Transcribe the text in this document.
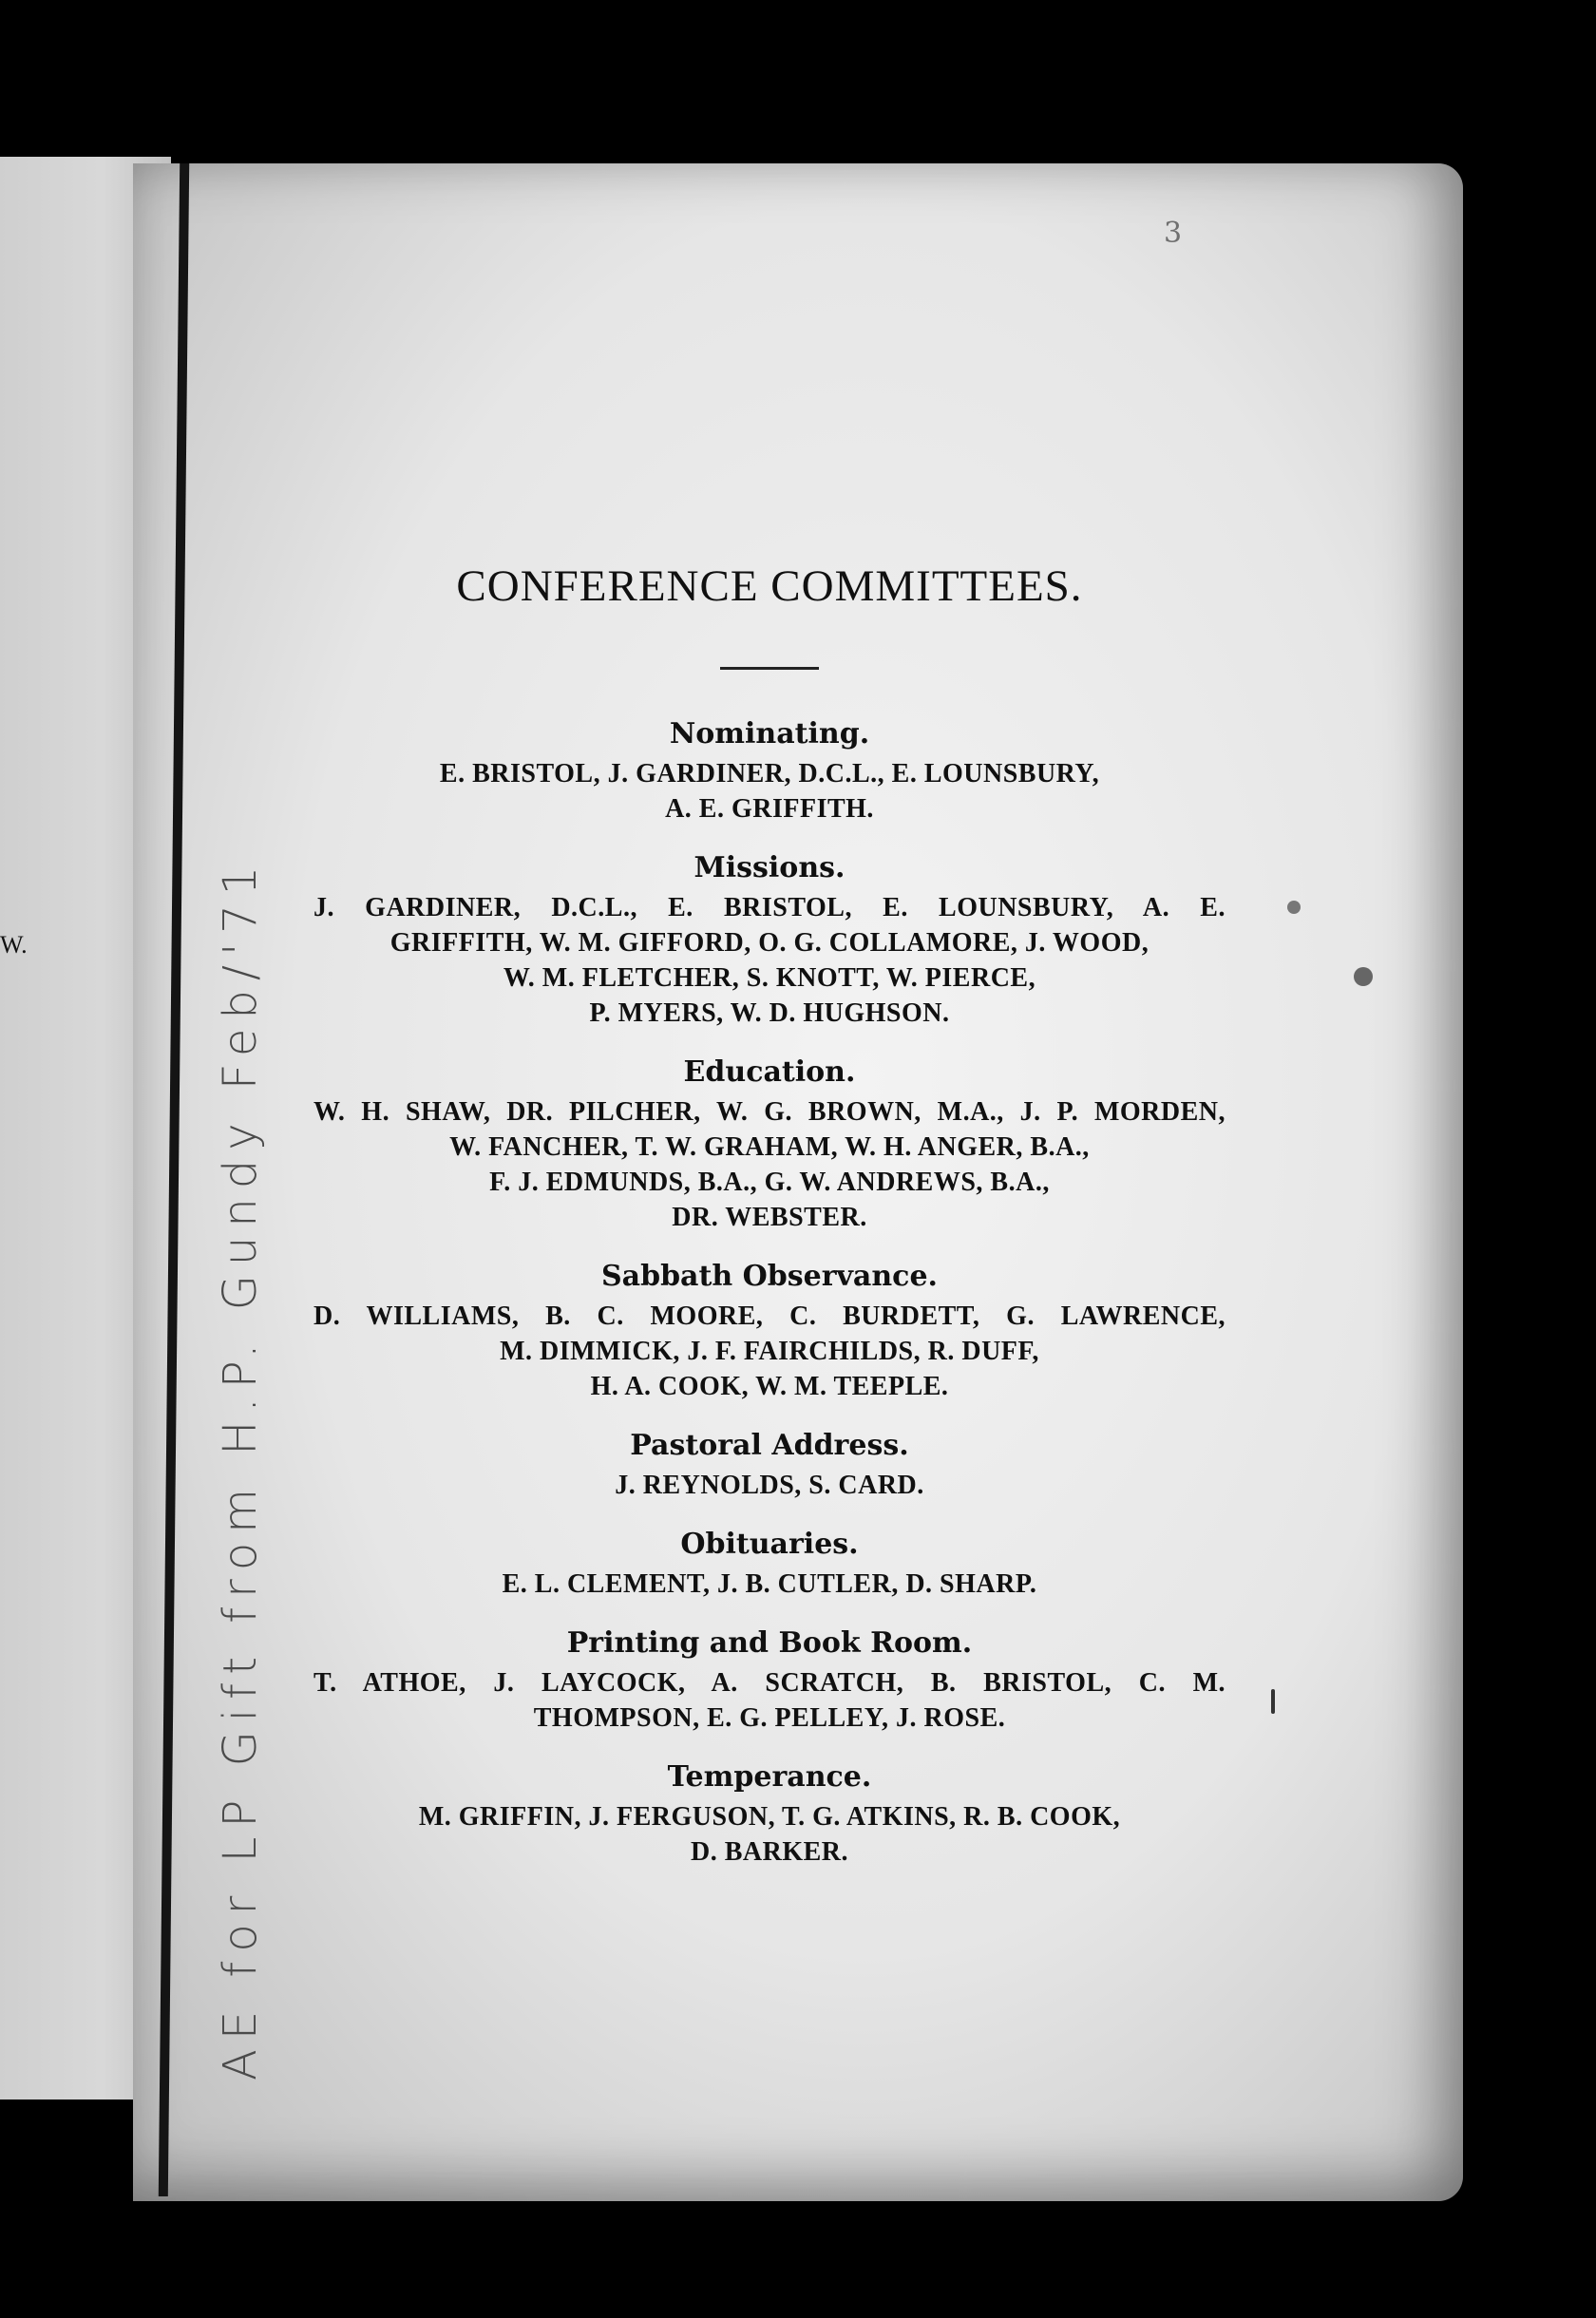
W.	AE for LP Gift from H.P. Gundy Feb/'71
3
CONFERENCE COMMITTEES.
Nominating.
E. BRISTOL, J. GARDINER, D.C.L., E. LOUNSBURY,
A. E. GRIFFITH.
Missions.
J. GARDINER, D.C.L., E. BRISTOL, E. LOUNSBURY, A. E.
GRIFFITH, W. M. GIFFORD, O. G. COLLAMORE, J. WOOD,
W. M. FLETCHER, S. KNOTT, W. PIERCE,
P. MYERS, W. D. HUGHSON.
Education.
W. H. SHAW, DR. PILCHER, W. G. BROWN, M.A., J. P. MORDEN,
W. FANCHER, T. W. GRAHAM, W. H. ANGER, B.A.,
F. J. EDMUNDS, B.A., G. W. ANDREWS, B.A.,
DR. WEBSTER.
Sabbath Observance.
D. WILLIAMS, B. C. MOORE, C. BURDETT, G. LAWRENCE,
M. DIMMICK, J. F. FAIRCHILDS, R. DUFF,
H. A. COOK, W. M. TEEPLE.
Pastoral Address.
J. REYNOLDS, S. CARD.
Obituaries.
E. L. CLEMENT, J. B. CUTLER, D. SHARP.
Printing and Book Room.
T. ATHOE, J. LAYCOCK, A. SCRATCH, B. BRISTOL, C. M.
THOMPSON, E. G. PELLEY, J. ROSE.
Temperance.
M. GRIFFIN, J. FERGUSON, T. G. ATKINS, R. B. COOK,
D. BARKER.
